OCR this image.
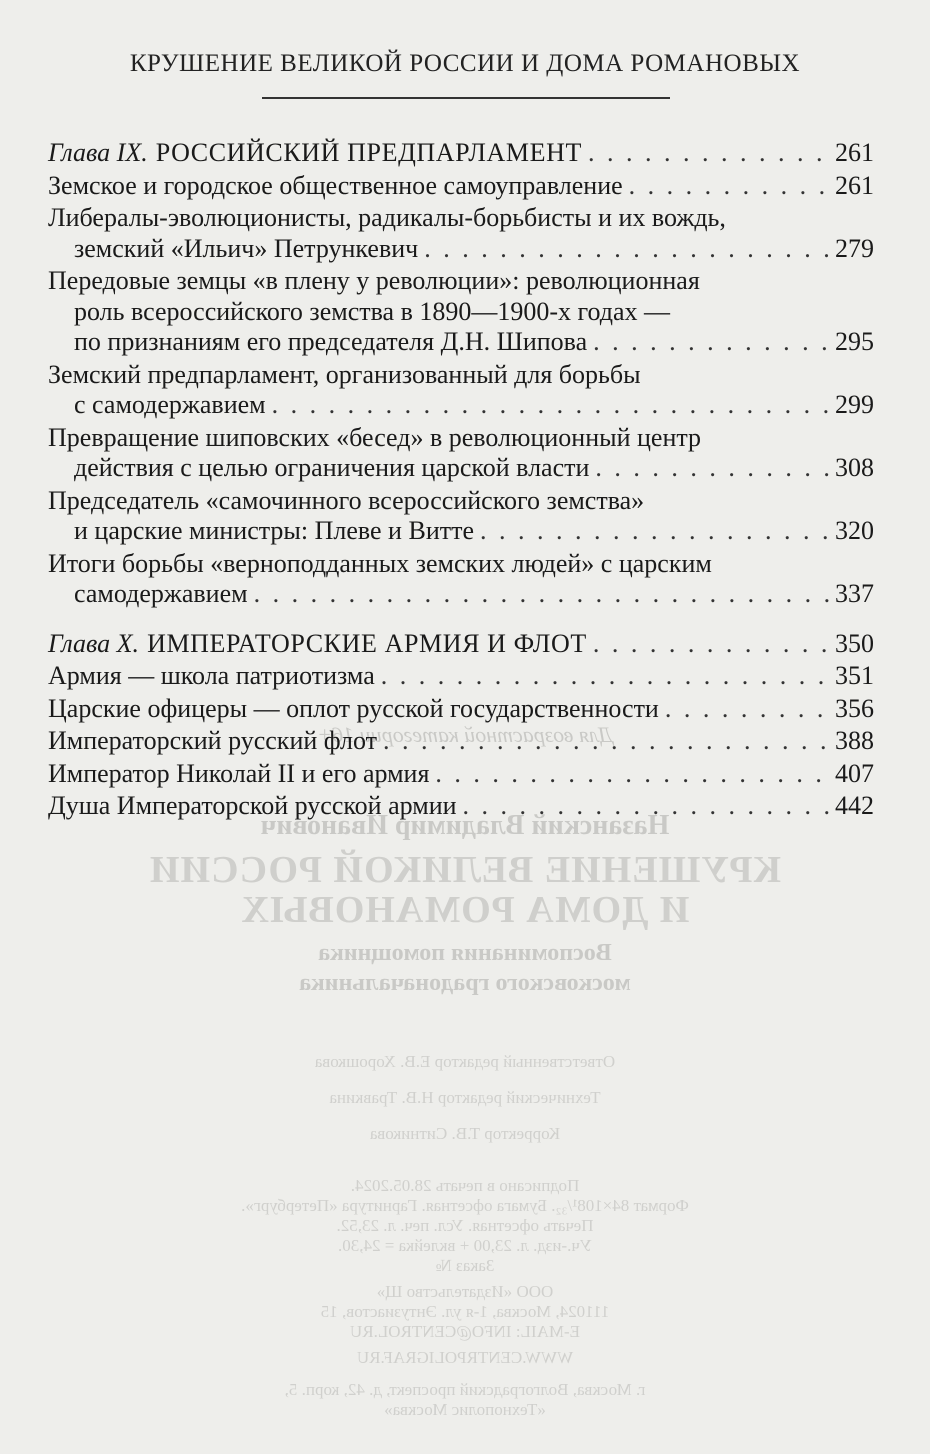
Для возрастной категории 16+
Назанский Владимир Иванович
КРУШЕНИЕ ВЕЛИКОЙ РОССИИ
И ДОМА РОМАНОВЫХ
Воспоминания помощника
московского градоначальника
Ответственный редактор Е.В. Хорошкова
Технический редактор Н.В. Травкина
Корректор Т.В. Ситникова
Подписано в печать 28.05.2024.
Формат 84×108¹/₃₂. Бумага офсетная. Гарнитура «Петербург».
Печать офсетная. Усл. печ. л. 23,52.
Уч.-изд. л. 23,00 + вклейка = 24,30.
Заказ №
ООО «Издательство Щ»
111024, Москва, 1-я ул. Энтузиастов, 15
E-MAIL: INFO@CENTROL.RU
WWW.CENTRPOLIGRAF.RU
г. Москва, Волгоградский проспект, д. 42, корп. 5,
«Технополис Москва»
КРУШЕНИЕ ВЕЛИКОЙ РОССИИ И ДОМА РОМАНОВЫХ
Глава IX. РОССИЙСКИЙ ПРЕДПАРЛАМЕНТ . . .	261
Земское и городское общественное самоуправление . . .	261
Либералы-эволюционисты, радикалы-борьбисты и их вождь,
земский «Ильич» Петрункевич . . .	279
Передовые земцы «в плену у революции»: революционная
роль всероссийского земства в 1890—1900-х годах —
по признаниям его председателя Д.Н. Шипова . . .	295
Земский предпарламент, организованный для борьбы
с самодержавием . . .	299
Превращение шиповских «бесед» в революционный центр
действия с целью ограничения царской власти . . .	308
Председатель «самочинного всероссийского земства»
и царские министры: Плеве и Витте . . .	320
Итоги борьбы «верноподданных земских людей» с царским
самодержавием . . .	337
Глава X. ИМПЕРАТОРСКИЕ АРМИЯ И ФЛОТ . . .	350
Армия — школа патриотизма . . .	351
Царские офицеры — оплот русской государственности . . .	356
Императорский русский флот . . .	388
Император Николай II и его армия . . .	407
Душа Императорской русской армии . . .	442
